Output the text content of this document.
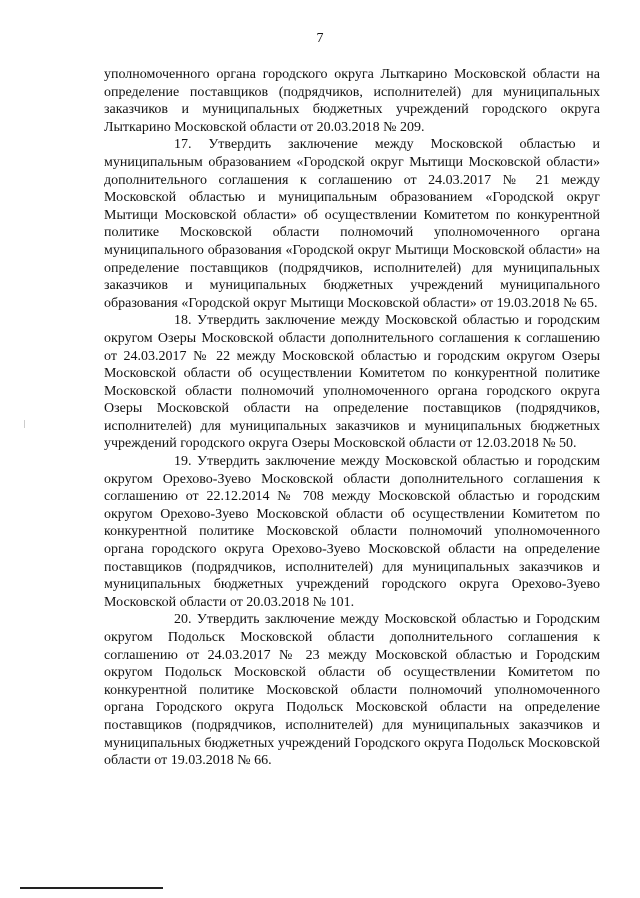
7

уполномоченного органа городского округа Лыткарино Московской области на определение поставщиков (подрядчиков, исполнителей) для муниципальных заказчиков и муниципальных бюджетных учреждений городского округа Лыткарино Московской области от 20.03.2018 № 209.

17. Утвердить заключение между Московской областью и муниципальным образованием «Городской округ Мытищи Московской области» дополнительного соглашения к соглашению от 24.03.2017 № 21 между Московской областью и муниципальным образованием «Городской округ Мытищи Московской области» об осуществлении Комитетом по конкурентной политике Московской области полномочий уполномоченного органа муниципального образования «Городской округ Мытищи Московской области» на определение поставщиков (подрядчиков, исполнителей) для муниципальных заказчиков и муниципальных бюджетных учреждений муниципального образования «Городской округ Мытищи Московской области» от 19.03.2018 № 65.

18. Утвердить заключение между Московской областью и городским округом Озеры Московской области дополнительного соглашения к соглашению от 24.03.2017 № 22 между Московской областью и городским округом Озеры Московской области об осуществлении Комитетом по конкурентной политике Московской области полномочий уполномоченного органа городского округа Озеры Московской области на определение поставщиков (подрядчиков, исполнителей) для муниципальных заказчиков и муниципальных бюджетных учреждений городского округа Озеры Московской области от 12.03.2018 № 50.

19. Утвердить заключение между Московской областью и городским округом Орехово-Зуево Московской области дополнительного соглашения к соглашению от 22.12.2014 № 708 между Московской областью и городским округом Орехово-Зуево Московской области об осуществлении Комитетом по конкурентной политике Московской области полномочий уполномоченного органа городского округа Орехово-Зуево Московской области на определение поставщиков (подрядчиков, исполнителей) для муниципальных заказчиков и муниципальных бюджетных учреждений городского округа Орехово-Зуево Московской области от 20.03.2018 № 101.

20. Утвердить заключение между Московской областью и Городским округом Подольск Московской области дополнительного соглашения к соглашению от 24.03.2017 № 23 между Московской областью и Городским округом Подольск Московской области об осуществлении Комитетом по конкурентной политике Московской области полномочий уполномоченного органа Городского округа Подольск Московской области на определение поставщиков (подрядчиков, исполнителей) для муниципальных заказчиков и муниципальных бюджетных учреждений Городского округа Подольск Московской области от 19.03.2018 № 66.
